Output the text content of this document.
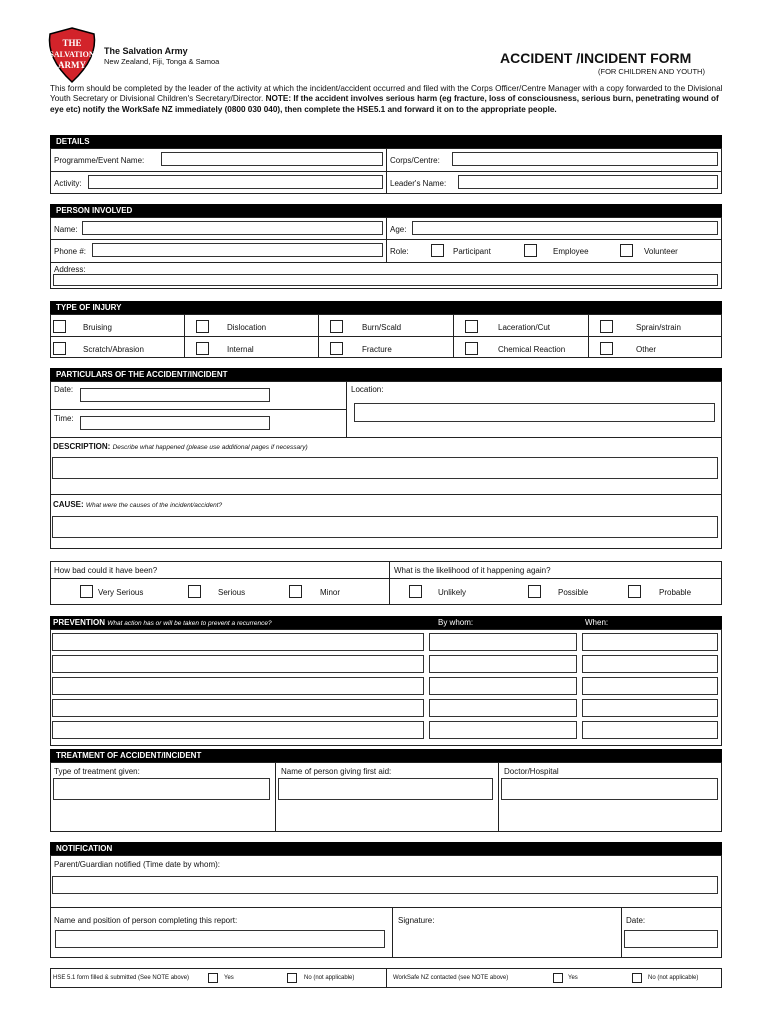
THE
SALVATION
ARMY
The Salvation Army
New Zealand, Fiji, Tonga & Samoa	ACCIDENT /INCIDENT FORM
(FOR CHILDREN AND YOUTH)
This form should be completed by the leader of the activity at which the incident/accident occurred and filed with the Corps Officer/Centre Manager with a copy forwarded to the Divisional Youth Secretary or Divisional Children's Secretary/Director. NOTE: If the accident involves serious harm (eg fracture, loss of consciousness, serious burn, penetrating wound of eye etc) notify the WorkSafe NZ immediately (0800 030 040), then complete the HSE5.1 and forward it on to the appropriate people.
DETAILS
Programme/Event Name:	Corps/Centre:
Activity:	Leader's Name:
PERSON INVOLVED
Name:	Age:
Phone #:	Role:	Participant	Employee	Volunteer
Address:
TYPE OF INJURY
Bruising	Dislocation	Burn/Scald	Laceration/Cut	Sprain/strain
Scratch/Abrasion	Internal	Fracture	Chemical Reaction	Other
PARTICULARS OF THE ACCIDENT/INCIDENT
Date:
Time:
Location:
DESCRIPTION: Describe what happened (please use additional pages if necessary)
CAUSE: What were the causes of the incident/accident?
How bad could it have been?	What is the likelihood of it happening again?
Very Serious	Serious	Minor	Unlikely	Possible	Probable
PREVENTION What action has or will be taken to prevent a recurrence?	By whom:	When:
TREATMENT OF ACCIDENT/INCIDENT
Type of treatment given:	Name of person giving first aid:	Doctor/Hospital
NOTIFICATION
Parent/Guardian notified (Time date by whom):
Name and position of person completing this report:	Signature:	Date:
HSE 5.1 form filled & submitted (See NOTE above)	Yes	No (not applicable)	WorkSafe NZ contacted (see NOTE above)	Yes	No (not applicable)
